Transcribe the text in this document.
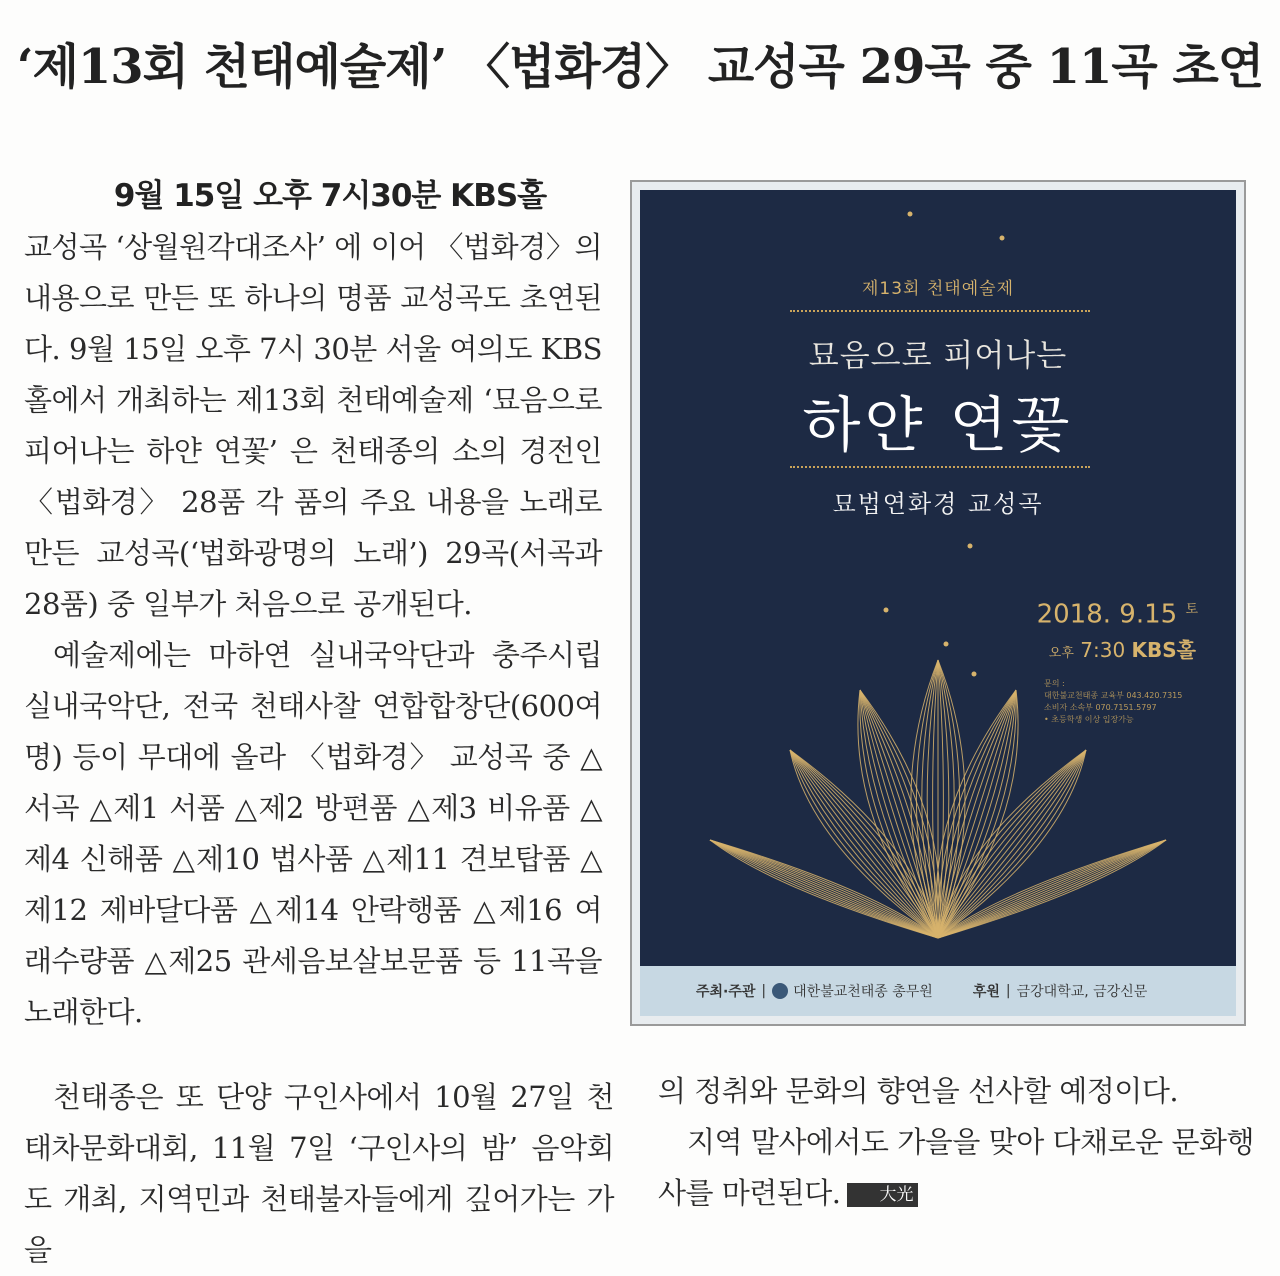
‘제13회 천태예술제’ 〈법화경〉 교성곡 29곡 중 11곡 초연
9월 15일 오후 7시30분 KBS홀

교성곡 ‘상월원각대조사’ 에 이어 〈법화경〉의 내용으로 만든 또 하나의 명품 교성곡도 초연된다. 9월 15일 오후 7시 30분 서울 여의도 KBS홀에서 개최하는 제13회 천태예술제 ‘묘음으로 피어나는 하얀 연꽃’ 은 천태종의 소의 경전인 〈법화경〉 28품 각 품의 주요 내용을 노래로 만든 교성곡(‘법화광명의 노래’) 29곡(서곡과 28품) 중 일부가 처음으로 공개된다.

예술제에는 마하연 실내국악단과 충주시립 실내국악단, 전국 천태사찰 연합합창단(600여 명) 등이 무대에 올라 〈법화경〉 교성곡 중 △서곡 △제1 서품 △제2 방편품 △제3 비유품 △제4 신해품 △제10 법사품 △제11 견보탑품 △제12 제바달다품 △제14 안락행품 △제16 여래수량품 △제25 관세음보살보문품 등 11곡을 노래한다.

천태종은 또 단양 구인사에서 10월 27일 천태차문화대회, 11월 7일 ‘구인사의 밤’ 음악회도 개최, 지역민과 천태불자들에게 깊어가는 가을

의 정취와 문화의 향연을 선사할 예정이다.

지역 말사에서도 가을을 맞아 다채로운 문화행사를 마련된다. 大光

제13회 천태예술제
묘음으로 피어나는
하얀 연꽃
묘법연화경 교성곡
2018. 9.15 $^토$
오후 7:30 KBS홀
문의 :
대한불교천태종 교육부 043.420.7315
소비자 소속부 070.7151.5797
• 초등학생 이상 입장가능
주최·주관 | 대한불교천태종 총무원	후원 | 금강대학교, 금강신문
